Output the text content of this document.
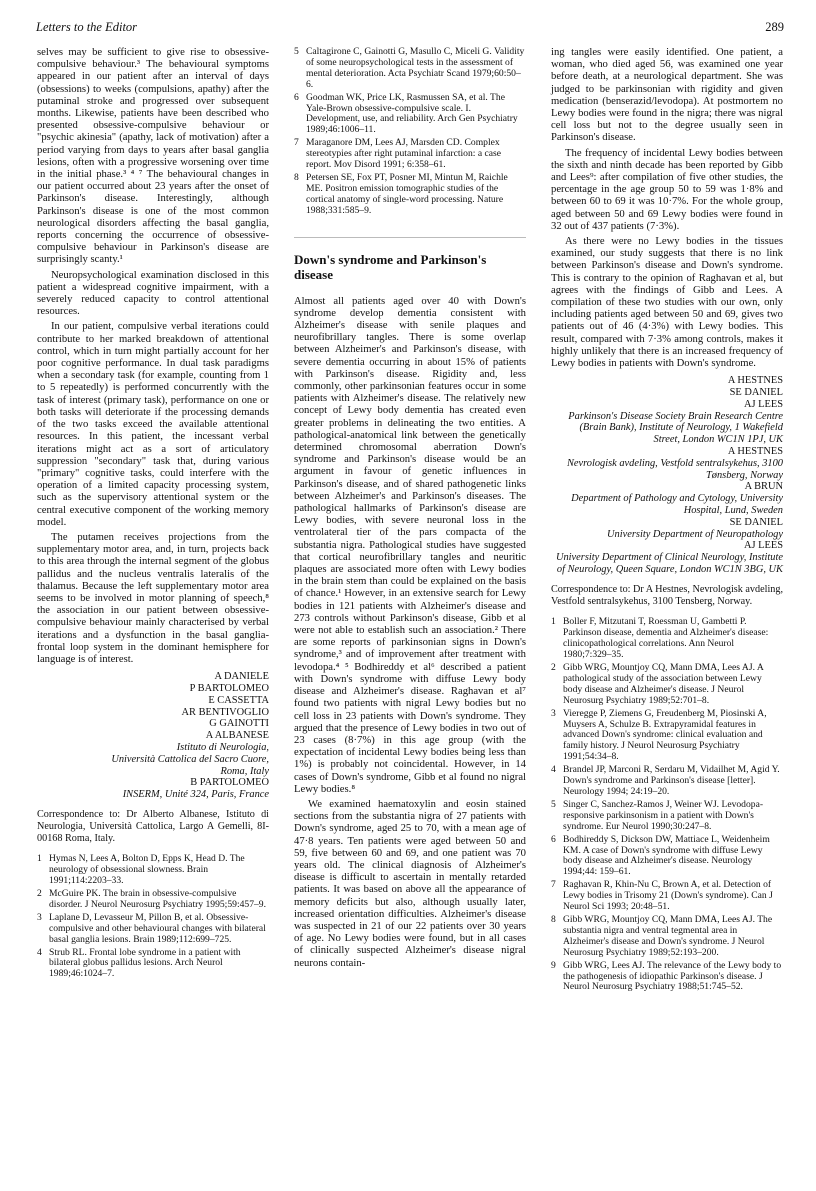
Letters to the Editor	289

selves may be sufficient to give rise to obsessive-compulsive behaviour.³ The behavioural symptoms appeared in our patient after an interval of days (obsessions) to weeks (compulsions, apathy) after the putaminal stroke and progressed over subsequent months. Likewise, patients have been described who presented obsessive-compulsive behaviour or "psychic akinesia" (apathy, lack of motivation) after a period varying from days to years after basal ganglia lesions, often with a progressive worsening over time in the initial phase.³ ⁴ ⁷ The behavioural changes in our patient occurred about 23 years after the onset of Parkinson's disease. Interestingly, although Parkinson's disease is one of the most common neurological disorders affecting the basal ganglia, reports concerning the occurrence of obsessive-compulsive behaviour in Parkinson's disease are surprisingly scanty.¹

Neuropsychological examination disclosed in this patient a widespread cognitive impairment, with a severely reduced capacity to control attentional resources.

In our patient, compulsive verbal iterations could contribute to her marked breakdown of attentional control, which in turn might partially account for her poor cognitive performance. In dual task paradigms when a secondary task (for example, counting from 1 to 5 repeatedly) is performed concurrently with the task of interest (primary task), performance on one or both tasks will deteriorate if the processing demands of the two tasks exceed the available attentional resources. In this patient, the incessant verbal iterations might act as a sort of articulatory suppression "secondary" task that, during various "primary" cognitive tasks, could interfere with the operation of a limited capacity processing system, such as the supervisory attentional system or the central executive component of the working memory model.

The putamen receives projections from the supplementary motor area, and, in turn, projects back to this area through the internal segment of the globus pallidus and the nucleus ventralis lateralis of the thalamus. Because the left supplementary motor area seems to be involved in motor planning of speech,⁸ the association in our patient between obsessive-compulsive behaviour mainly characterised by verbal iterations and a dysfunction in the basal ganglia-frontal loop system in the dominant hemisphere for language is of interest.

A DANIELE
P BARTOLOMEO
E CASSETTA
AR BENTIVOGLIO
G GAINOTTI
A ALBANESE
Istituto di Neurologia,
Università Cattolica del Sacro Cuore,
Roma, Italy
B PARTOLOMEO
INSERM, Unité 324, Paris, France
Correspondence to: Dr Alberto Albanese, Istituto di Neurologia, Università Cattolica, Largo A Gemelli, 8I-00168 Roma, Italy.
1 Hymas N, Lees A, Bolton D, Epps K, Head D. The neurology of obsessional slowness. Brain 1991;114:2203–33.
2 McGuire PK. The brain in obsessive-compulsive disorder. J Neurol Neurosurg Psychiatry 1995;59:457–9.
3 Laplane D, Levasseur M, Pillon B, et al. Obsessive-compulsive and other behavioural changes with bilateral basal ganglia lesions. Brain 1989;112:699–725.
4 Strub RL. Frontal lobe syndrome in a patient with bilateral globus pallidus lesions. Arch Neurol 1989;46:1024–7.
5 Caltagirone C, Gainotti G, Masullo C, Miceli G. Validity of some neuropsychological tests in the assessment of mental deterioration. Acta Psychiatr Scand 1979;60:50–6.
6 Goodman WK, Price LK, Rasmussen SA, et al. The Yale-Brown obsessive-compulsive scale. I. Development, use, and reliability. Arch Gen Psychiatry 1989;46:1006–11.
7 Maraganore DM, Lees AJ, Marsden CD. Complex stereotypies after right putaminal infarction: a case report. Mov Disord 1991; 6:358–61.
8 Petersen SE, Fox PT, Posner MI, Mintun M, Raichle ME. Positron emission tomographic studies of the cortical anatomy of single-word processing. Nature 1988;331:585–9.
Down's syndrome and Parkinson's disease

Almost all patients aged over 40 with Down's syndrome develop dementia consistent with Alzheimer's disease with senile plaques and neurofibrillary tangles. There is some overlap between Alzheimer's and Parkinson's disease, with severe dementia occurring in about 15% of patients with Parkinson's disease. Rigidity and, less commonly, other parkinsonian features occur in some patients with Alzheimer's disease. The relatively new concept of Lewy body dementia has created even greater problems in delineating the two entities. A pathological-anatomical link between the genetically determined chromosomal aberration Down's syndrome and Parkinson's disease would be an argument in favour of genetic influences in Parkinson's disease, and of shared pathogenetic links between Alzheimer's and Parkinson's diseases. The pathological hallmarks of Parkinson's disease are Lewy bodies, with severe neuronal loss in the ventrolateral tier of the pars compacta of the substantia nigra. Pathological studies have suggested that cortical neurofibrillary tangles and neuritic plaques are associated more often with Lewy bodies in the brain stem than could be explained on the basis of chance.¹ However, in an extensive search for Lewy bodies in 121 patients with Alzheimer's disease and 273 controls without Parkinson's disease, Gibb et al were not able to establish such an association.² There are some reports of parkinsonian signs in Down's syndrome,³ and of improvement after treatment with levodopa.⁴ ⁵ Bodhireddy et al⁶ described a patient with Down's syndrome with diffuse Lewy body disease and Alzheimer's disease. Raghavan et al⁷ found two patients with nigral Lewy bodies but no cell loss in 23 patients with Down's syndrome. They argued that the presence of Lewy bodies in two out of 23 cases (8·7%) in this age group (with the expectation of incidental Lewy bodies being less than 1%) is probably not coincidental. However, in 14 cases of Down's syndrome, Gibb et al found no nigral Lewy bodies.⁸

We examined haematoxylin and eosin stained sections from the substantia nigra of 27 patients with Down's syndrome, aged 25 to 70, with a mean age of 47·8 years. Ten patients were aged between 50 and 59, five between 60 and 69, and one patient was 70 years old. The clinical diagnosis of Alzheimer's disease is difficult to ascertain in mentally retarded patients. It was based on above all the appearance of memory deficits but also, although usually later, increased orientation difficulties. Alzheimer's disease was suspected in 21 of our 22 patients over 30 years of age. No Lewy bodies were found, but in all cases of clinically suspected Alzheimer's disease nigral neurons contain-

ing tangles were easily identified. One patient, a woman, who died aged 56, was examined one year before death, at a neurological department. She was judged to be parkinsonian with rigidity and given medication (benserazid/levodopa). At postmortem no Lewy bodies were found in the nigra; there was nigral cell loss but not to the degree usually seen in Parkinson's disease.

The frequency of incidental Lewy bodies between the sixth and ninth decade has been reported by Gibb and Lees⁹: after compilation of five other studies, the percentage in the age group 50 to 59 was 1·8% and between 60 to 69 it was 10·7%. For the whole group, aged between 50 and 69 Lewy bodies were found in 32 out of 437 patients (7·3%).

As there were no Lewy bodies in the tissues examined, our study suggests that there is no link between Parkinson's disease and Down's syndrome. This is contrary to the opinion of Raghavan et al, but agrees with the findings of Gibb and Lees. A compilation of these two studies with our own, only including patients aged between 50 and 69, gives two patients out of 46 (4·3%) with Lewy bodies. This result, compared with 7·3% among controls, makes it highly unlikely that there is an increased frequency of Lewy bodies in patients with Down's syndrome.

A HESTNES
SE DANIEL
AJ LEES
Parkinson's Disease Society Brain Research Centre (Brain Bank), Institute of Neurology, 1 Wakefield Street, London WC1N 1PJ, UK
A HESTNES
Nevrologisk avdeling, Vestfold sentralsykehus, 3100 Tønsberg, Norway
A BRUN
Department of Pathology and Cytology, University Hospital, Lund, Sweden
SE DANIEL
University Department of Neuropathology
AJ LEES
University Department of Clinical Neurology, Institute of Neurology, Queen Square, London WC1N 3BG, UK
Correspondence to: Dr A Hestnes, Nevrologisk avdeling, Vestfold sentralsykehus, 3100 Tensberg, Norway.
1 Boller F, Mitzutani T, Roessman U, Gambetti P. Parkinson disease, dementia and Alzheimer's disease: clinicopathological correlations. Ann Neurol 1980;7:329–35.
2 Gibb WRG, Mountjoy CQ, Mann DMA, Lees AJ. A pathological study of the association between Lewy body disease and Alzheimer's disease. J Neurol Neurosurg Psychiatry 1989;52:701–8.
3 Vieregge P, Ziemens G, Freudenberg M, Piosinski A, Muysers A, Schulze B. Extrapyramidal features in advanced Down's syndrome: clinical evaluation and family history. J Neurol Neurosurg Psychiatry 1991;54:34–8.
4 Brandel JP, Marconi R, Serdaru M, Vidailhet M, Agid Y. Down's syndrome and Parkinson's disease [letter]. Neurology 1994; 24:19–20.
5 Singer C, Sanchez-Ramos J, Weiner WJ. Levodopa-responsive parkinsonism in a patient with Down's syndrome. Eur Neurol 1990;30:247–8.
6 Bodhireddy S, Dickson DW, Mattiace L, Weidenheim KM. A case of Down's syndrome with diffuse Lewy body disease and Alzheimer's disease. Neurology 1994;44: 159–61.
7 Raghavan R, Khin-Nu C, Brown A, et al. Detection of Lewy bodies in Trisomy 21 (Down's syndrome). Can J Neurol Sci 1993; 20:48–51.
8 Gibb WRG, Mountjoy CQ, Mann DMA, Lees AJ. The substantia nigra and ventral tegmental area in Alzheimer's disease and Down's syndrome. J Neurol Neurosurg Psychiatry 1989;52:193–200.
9 Gibb WRG, Lees AJ. The relevance of the Lewy body to the pathogenesis of idiopathic Parkinson's disease. J Neurol Neurosurg Psychiatry 1988;51:745–52.
